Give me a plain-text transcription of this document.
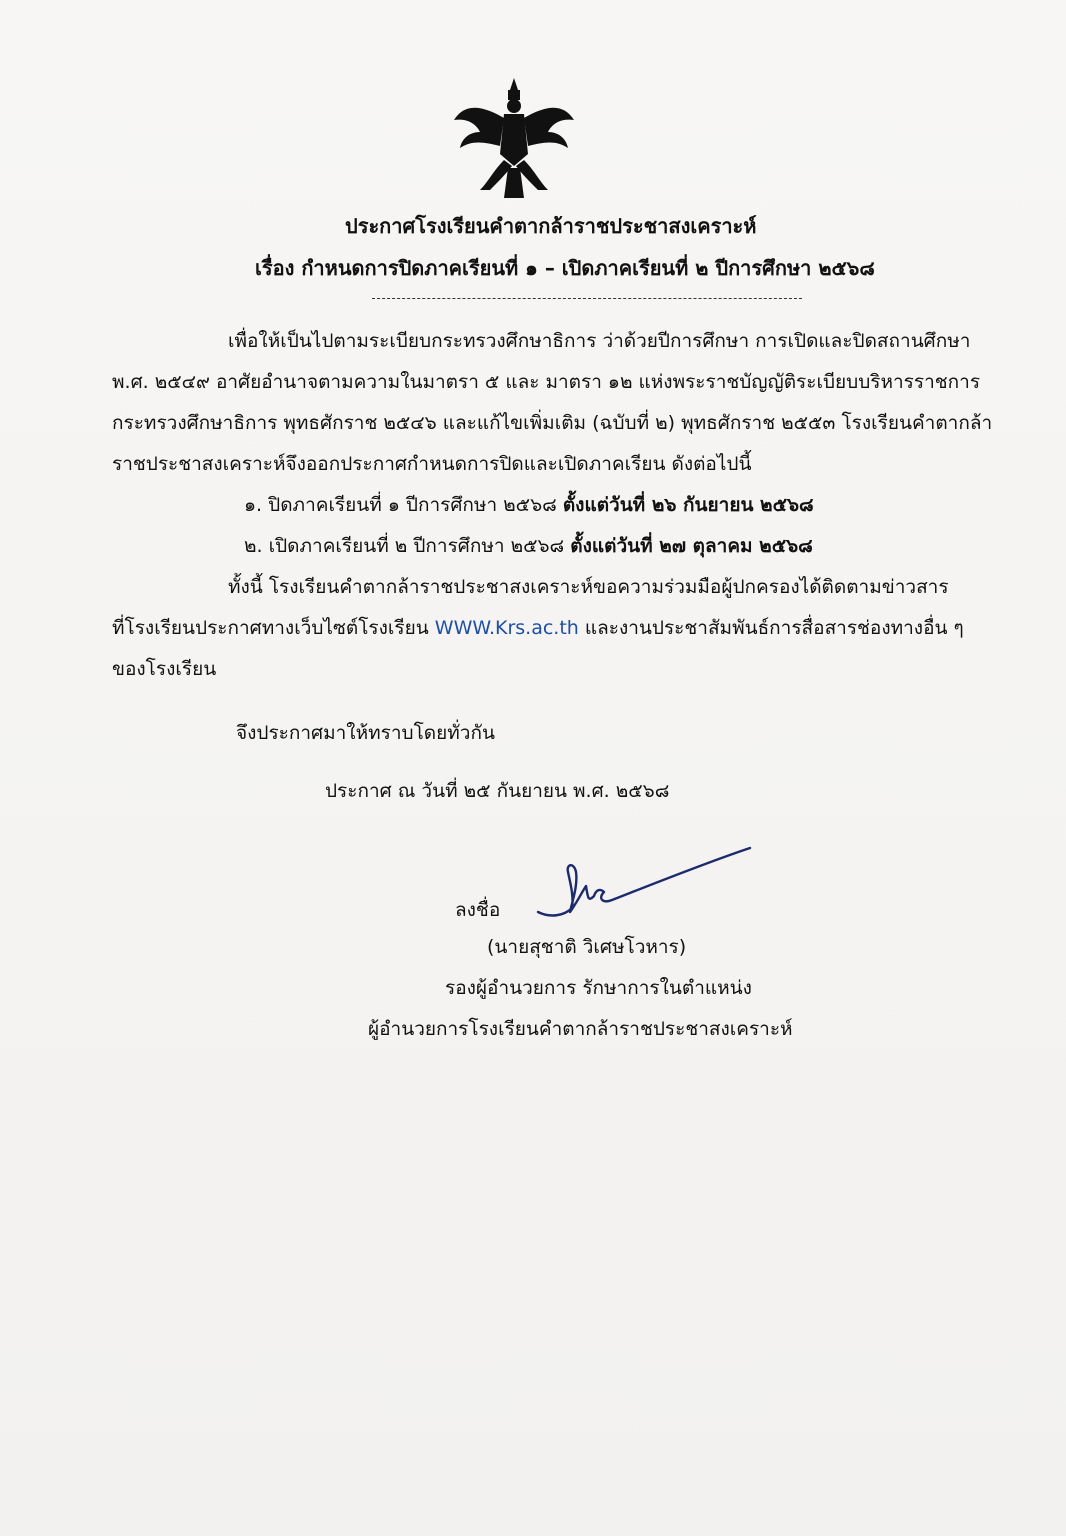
ประกาศโรงเรียนคำตากล้าราชประชาสงเคราะห์
เรื่อง กำหนดการปิดภาคเรียนที่ ๑ – เปิดภาคเรียนที่ ๒ ปีการศึกษา ๒๕๖๘
เพื่อให้เป็นไปตามระเบียบกระทรวงศึกษาธิการ ว่าด้วยปีการศึกษา การเปิดและปิดสถานศึกษา
พ.ศ. ๒๕๔๙ อาศัยอำนาจตามความในมาตรา ๕ และ มาตรา ๑๒ แห่งพระราชบัญญัติระเบียบบริหารราชการ
กระทรวงศึกษาธิการ พุทธศักราช ๒๕๔๖ และแก้ไขเพิ่มเติม (ฉบับที่ ๒) พุทธศักราช ๒๕๕๓ โรงเรียนคำตากล้า
ราชประชาสงเคราะห์จึงออกประกาศกำหนดการปิดและเปิดภาคเรียน ดังต่อไปนี้
๑. ปิดภาคเรียนที่ ๑ ปีการศึกษา ๒๕๖๘ ตั้งแต่วันที่ ๒๖ กันยายน ๒๕๖๘
๒. เปิดภาคเรียนที่ ๒ ปีการศึกษา ๒๕๖๘ ตั้งแต่วันที่ ๒๗ ตุลาคม ๒๕๖๘
ทั้งนี้ โรงเรียนคำตากล้าราชประชาสงเคราะห์ขอความร่วมมือผู้ปกครองได้ติดตามข่าวสาร
ที่โรงเรียนประกาศทางเว็บไซต์โรงเรียน WWW.Krs.ac.th และงานประชาสัมพันธ์การสื่อสารช่องทางอื่น ๆ
ของโรงเรียน
จึงประกาศมาให้ทราบโดยทั่วกัน
ประกาศ ณ วันที่ ๒๕ กันยายน พ.ศ. ๒๕๖๘
ลงชื่อ
(นายสุชาติ วิเศษโวหาร)
รองผู้อำนวยการ รักษาการในตำแหน่ง
ผู้อำนวยการโรงเรียนคำตากล้าราชประชาสงเคราะห์
